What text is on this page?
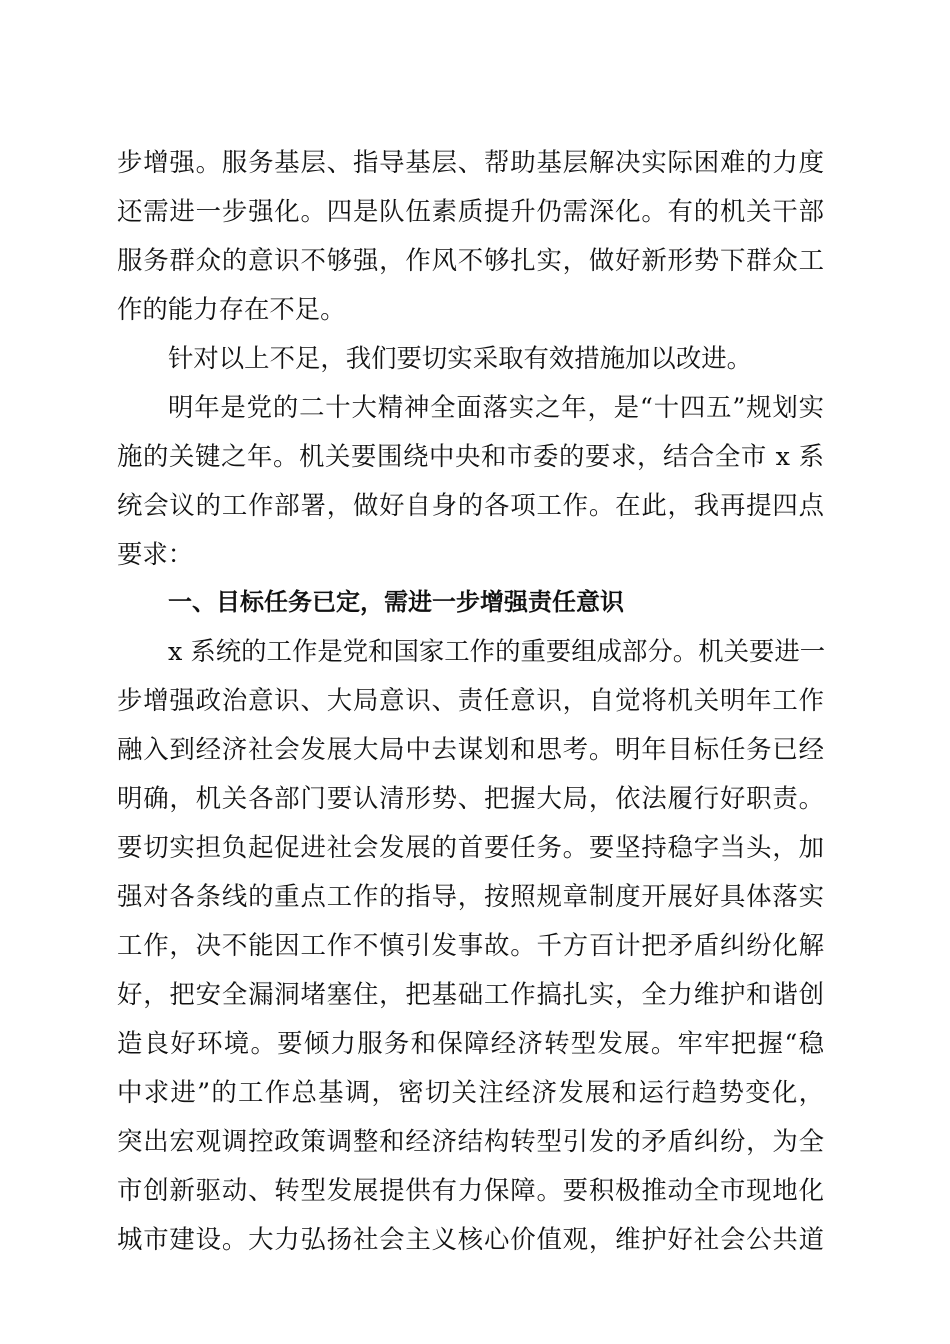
步增强。服务基层、指导基层、帮助基层解决实际困难的力度
还需进一步强化。四是队伍素质提升仍需深化。有的机关干部
服务群众的意识不够强，作风不够扎实，做好新形势下群众工
作的能力存在不足。
针对以上不足，我们要切实采取有效措施加以改进。
明年是党的二十大精神全面落实之年，是“十四五”规划实
施的关键之年。机关要围绕中央和市委的要求，结合全市 x 系
统会议的工作部署，做好自身的各项工作。在此，我再提四点
要求：
一、目标任务已定，需进一步增强责任意识
x 系统的工作是党和国家工作的重要组成部分。机关要进一
步增强政治意识、大局意识、责任意识，自觉将机关明年工作
融入到经济社会发展大局中去谋划和思考。明年目标任务已经
明确，机关各部门要认清形势、把握大局，依法履行好职责。
要切实担负起促进社会发展的首要任务。要坚持稳字当头，加
强对各条线的重点工作的指导，按照规章制度开展好具体落实
工作，决不能因工作不慎引发事故。千方百计把矛盾纠纷化解
好，把安全漏洞堵塞住，把基础工作搞扎实，全力维护和谐创
造良好环境。要倾力服务和保障经济转型发展。牢牢把握“稳
中求进”的工作总基调，密切关注经济发展和运行趋势变化，
突出宏观调控政策调整和经济结构转型引发的矛盾纠纷，为全
市创新驱动、转型发展提供有力保障。要积极推动全市现地化
城市建设。大力弘扬社会主义核心价值观，维护好社会公共道
